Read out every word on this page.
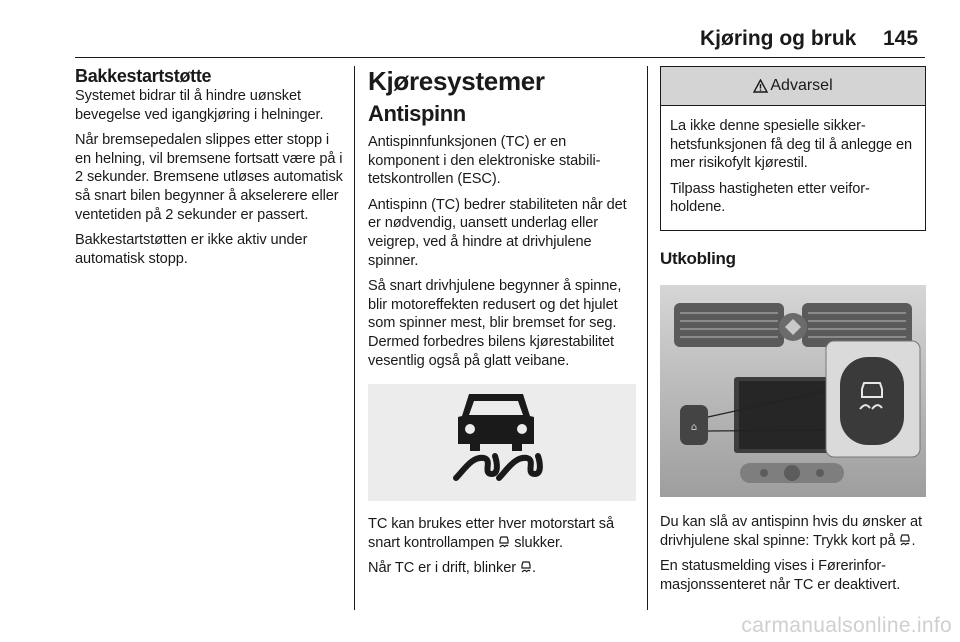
Kjøring og bruk 145
Bakkestartstøtte

Systemet bidrar til å hindre uønsket bevegelse ved igangkjøring i helninger.

Når bremsepedalen slippes etter stopp i en helning, vil bremsene fortsatt være på i 2 sekunder. Bremsene utløses automatisk så snart bilen begynner å akselerere eller ventetiden på 2 sekunder er passert.

Bakkestartstøtten er ikke aktiv under automatisk stopp.

Kjøresystemer
Antispinn

Antispinnfunksjonen (TC) er en komponent i den elektroniske stabilitetskontrollen (ESC).

Antispinn (TC) bedrer stabiliteten når det er nødvendig, uansett underlag eller veigrep, ved å hindre at drivhjulene spinner.

Så snart drivhjulene begynner å spinne, blir motoreffekten redusert og det hjulet som spinner mest, blir bremset for seg. Dermed forbedres bilens kjørestabilitet vesentlig også på glatt veibane.

TC kan brukes etter hver motorstart så snart kontrollampen slukker.

Når TC er i drift, blinker .

Advarsel

La ikke denne spesielle sikkerhetsfunksjonen få deg til å anlegge en mer risikofylt kjørestil.

Tilpass hastigheten etter veiforholdene.

Utkobling
⌂

Du kan slå av antispinn hvis du ønsker at drivhjulene skal spinne: Trykk kort på .

En statusmelding vises i Førerinformasjonssenteret når TC er deaktivert.

carmanualsonline.info
